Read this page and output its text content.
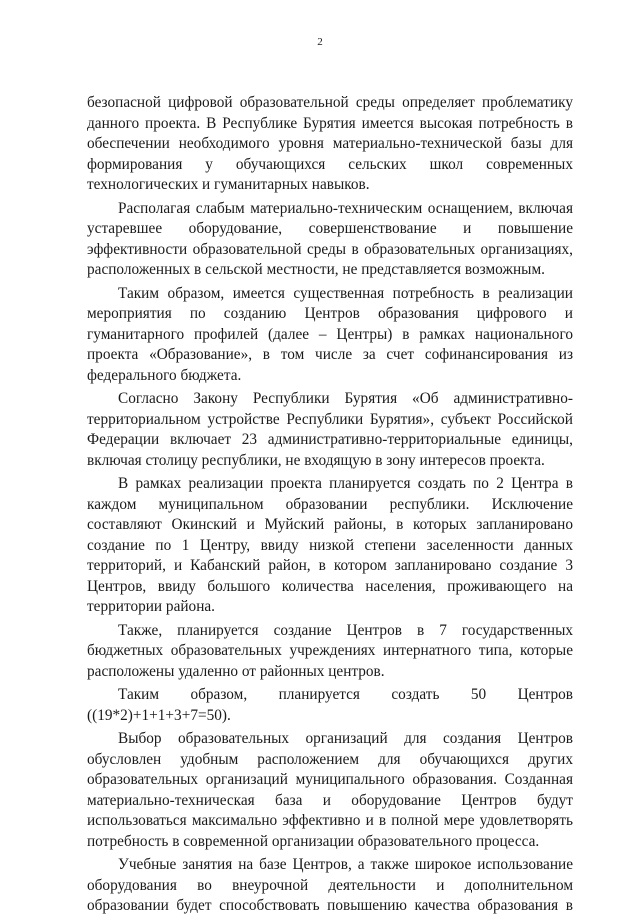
2

безопасной цифровой образовательной среды определяет проблематику данного проекта. В Республике Бурятия имеется высокая потребность в обеспечении необходимого уровня материально-технической базы для формирования у обучающихся сельских школ современных технологических и гуманитарных навыков.

Располагая слабым материально-техническим оснащением, включая устаревшее оборудование, совершенствование и повышение эффективности образовательной среды в образовательных организациях, расположенных в сельской местности, не представляется возможным.

Таким образом, имеется существенная потребность в реализации мероприятия по созданию Центров образования цифрового и гуманитарного профилей (далее – Центры) в рамках национального проекта «Образование», в том числе за счет софинансирования из федерального бюджета.

Согласно Закону Республики Бурятия «Об административно-территориальном устройстве Республики Бурятия», субъект Российской Федерации включает 23 административно-территориальные единицы, включая столицу республики, не входящую в зону интересов проекта.

В рамках реализации проекта планируется создать по 2 Центра в каждом муниципальном образовании республики. Исключение составляют Окинский и Муйский районы, в которых запланировано создание по 1 Центру, ввиду низкой степени заселенности данных территорий, и Кабанский район, в котором запланировано создание 3 Центров, ввиду большого количества населения, проживающего на территории района.

Также, планируется создание Центров в 7 государственных бюджетных образовательных учреждениях интернатного типа, которые расположены удаленно от районных центров.

Таким образом, планируется создать 50 Центров ((19*2)+1+1+3+7=50).

Выбор образовательных организаций для создания Центров обусловлен удобным расположением для обучающихся других образовательных организаций муниципального образования. Созданная материально-техническая база и оборудование Центров будут использоваться максимально эффективно и в полной мере удовлетворять потребность в современной организации образовательного процесса.

Учебные занятия на базе Центров, а также широкое использование оборудования во внеурочной деятельности и дополнительном образовании будет способствовать повышению качества образования в
